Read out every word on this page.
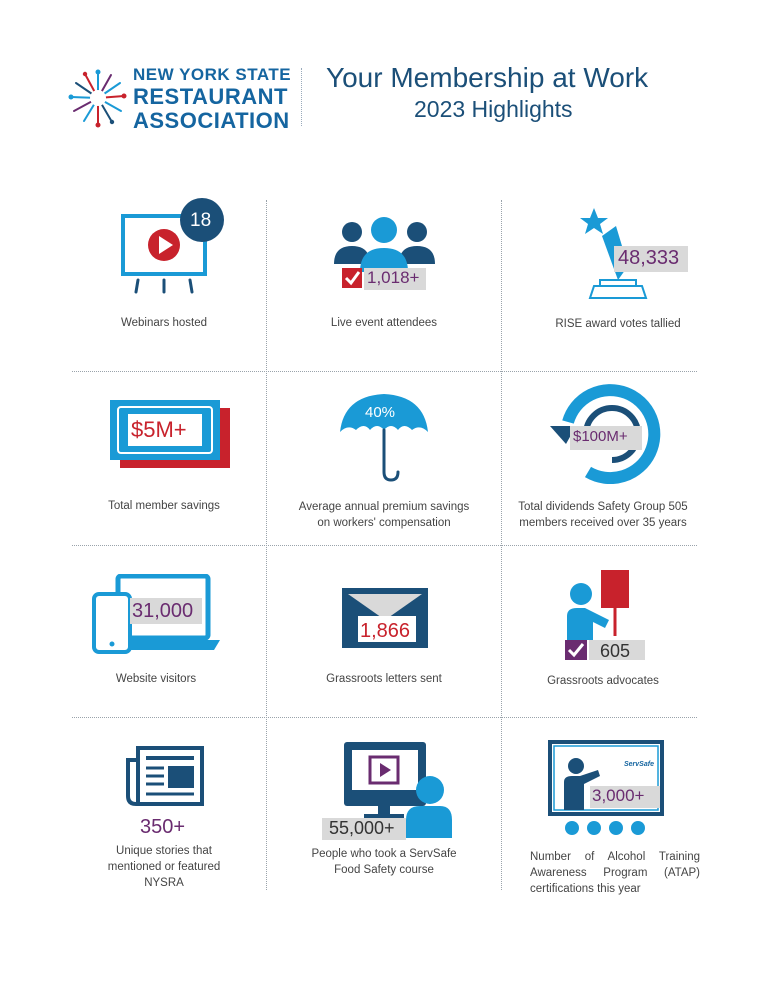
NEW YORK STATE
RESTAURANT
ASSOCIATION
Your Membership at Work
2023 Highlights
18
Webinars hosted
1,018+
Live event attendees
48,333
RISE award votes tallied
$5M+
Total member savings
40%
Average annual premium savings
on workers' compensation
$100M+
Total dividends Safety Group 505
members received over 35 years
31,000
Website visitors
1,866
Grassroots letters sent
605
Grassroots advocates
350+
Unique stories that
mentioned or featured
NYSRA
55,000+
People who took a ServSafe
Food Safety course
ServSafe
3,000+
Number of Alcohol Training Awareness Program (ATAP) certifications this year
